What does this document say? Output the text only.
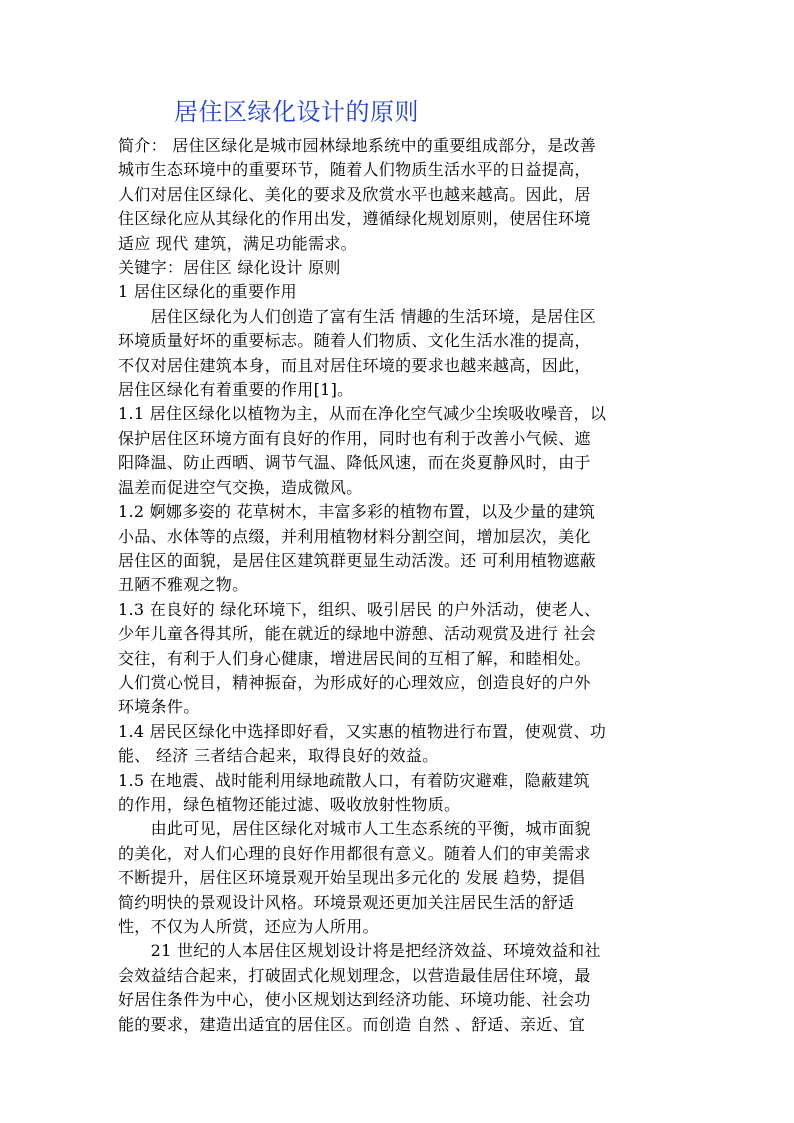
居住区绿化设计的原则

简介： 居住区绿化是城市园林绿地系统中的重要组成部分，是改善
城市生态环境中的重要环节，随着人们物质生活水平的日益提高，
人们对居住区绿化、美化的要求及欣赏水平也越来越高。因此，居
住区绿化应从其绿化的作用出发，遵循绿化规划原则，使居住环境
适应 现代 建筑，满足功能需求。

关键字：居住区 绿化设计 原则

1 居住区绿化的重要作用

　　居住区绿化为人们创造了富有生活 情趣的生活环境，是居住区
环境质量好坏的重要标志。随着人们物质、文化生活水准的提高，
不仅对居住建筑本身，而且对居住环境的要求也越来越高，因此，
居住区绿化有着重要的作用[1]。

1.1 居住区绿化以植物为主，从而在净化空气减少尘埃吸收噪音，以
保护居住区环境方面有良好的作用，同时也有利于改善小气候、遮
阳降温、防止西晒、调节气温、降低风速，而在炎夏静风时，由于
温差而促进空气交换，造成微风。

1.2 婀娜多姿的 花草树木，丰富多彩的植物布置，以及少量的建筑
小品、水体等的点缀，并利用植物材料分割空间，增加层次，美化
居住区的面貌，是居住区建筑群更显生动活泼。还 可利用植物遮蔽
丑陋不雅观之物。

1.3 在良好的 绿化环境下，组织、吸引居民 的户外活动，使老人、
少年儿童各得其所，能在就近的绿地中游憩、活动观赏及进行 社会
交往，有利于人们身心健康，增进居民间的互相了解，和睦相处。
人们赏心悦目，精神振奋，为形成好的心理效应，创造良好的户外
环境条件。

1.4 居民区绿化中选择即好看，又实惠的植物进行布置，使观赏、功
能、 经济 三者结合起来，取得良好的效益。

1.5 在地震、战时能利用绿地疏散人口，有着防灾避难，隐蔽建筑
的作用，绿色植物还能过滤、吸收放射性物质。

　　由此可见，居住区绿化对城市人工生态系统的平衡，城市面貌
的美化，对人们心理的良好作用都很有意义。随着人们的审美需求
不断提升，居住区环境景观开始呈现出多元化的 发展 趋势，提倡
简约明快的景观设计风格。环境景观还更加关注居民生活的舒适
性，不仅为人所赏，还应为人所用。

　　21 世纪的人本居住区规划设计将是把经济效益、环境效益和社
会效益结合起来，打破固式化规划理念，以营造最佳居住环境，最
好居住条件为中心，使小区规划达到经济功能、环境功能、社会功
能的要求，建造出适宜的居住区。而创造 自然 、舒适、亲近、宜
